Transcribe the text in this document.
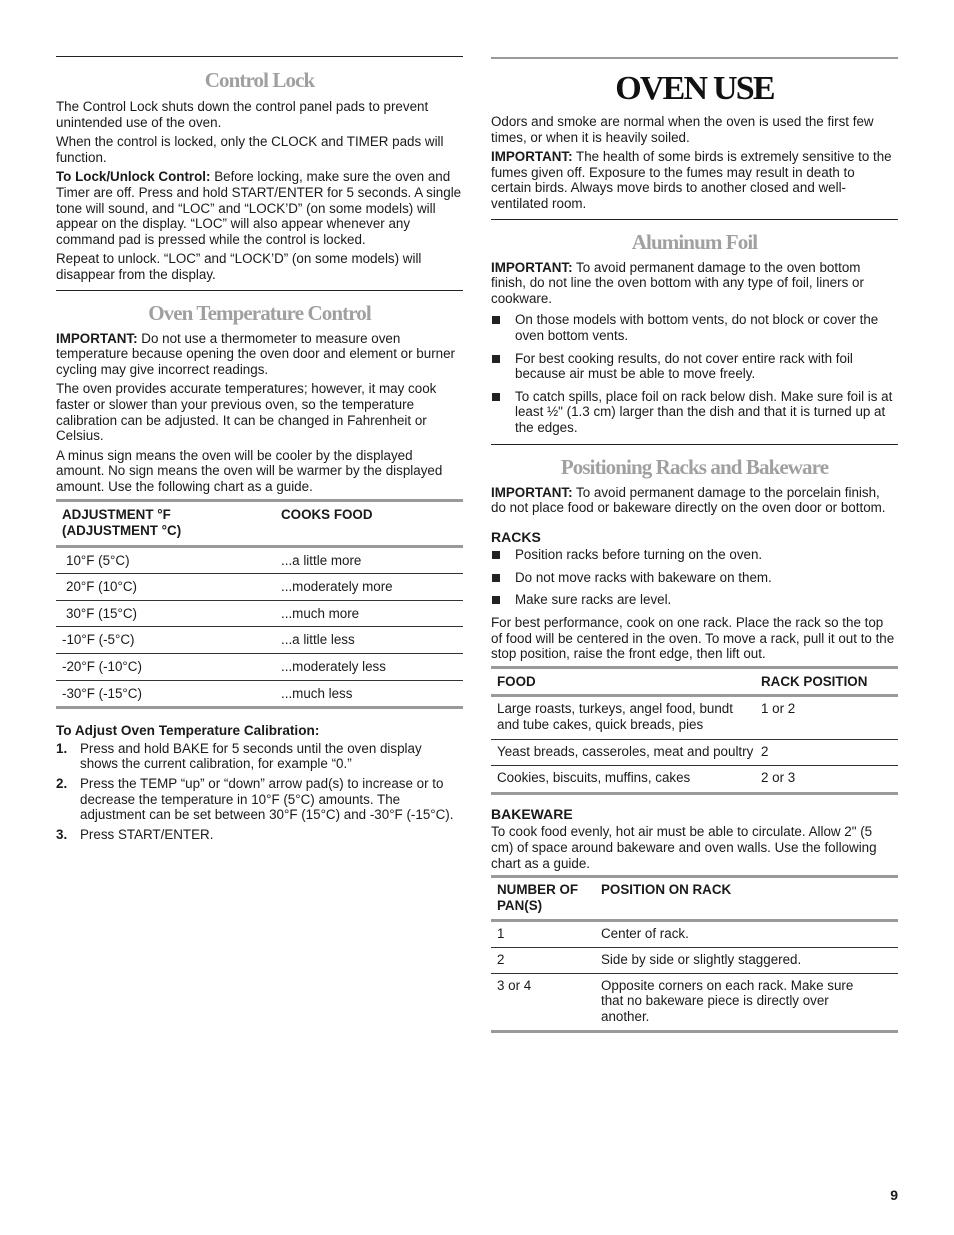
Control Lock

The Control Lock shuts down the control panel pads to prevent unintended use of the oven.

When the control is locked, only the CLOCK and TIMER pads will function.

To Lock/Unlock Control: Before locking, make sure the oven and Timer are off. Press and hold START/ENTER for 5 seconds. A single tone will sound, and “LOC” and “LOCK’D” (on some models) will appear on the display. “LOC” will also appear whenever any command pad is pressed while the control is locked.

Repeat to unlock. “LOC” and “LOCK’D” (on some models) will disappear from the display.

Oven Temperature Control

IMPORTANT: Do not use a thermometer to measure oven temperature because opening the oven door and element or burner cycling may give incorrect readings.

The oven provides accurate temperatures; however, it may cook faster or slower than your previous oven, so the temperature calibration can be adjusted. It can be changed in Fahrenheit or Celsius.

A minus sign means the oven will be cooler by the displayed amount. No sign means the oven will be warmer by the displayed amount. Use the following chart as a guide.

ADJUSTMENT °F
(ADJUSTMENT °C)	COOKS FOOD
10°F (5°C)	...a little more
20°F (10°C)	...moderately more
30°F (15°C)	...much more
-10°F (-5°C)	...a little less
-20°F (-10°C)	...moderately less
-30°F (-15°C)	...much less

To Adjust Oven Temperature Calibration:

1. Press and hold BAKE for 5 seconds until the oven display shows the current calibration, for example “0.”
2. Press the TEMP “up” or “down” arrow pad(s) to increase or to decrease the temperature in 10°F (5°C) amounts. The adjustment can be set between 30°F (15°C) and -30°F (-15°C).
3. Press START/ENTER.
OVEN USE

Odors and smoke are normal when the oven is used the first few times, or when it is heavily soiled.

IMPORTANT: The health of some birds is extremely sensitive to the fumes given off. Exposure to the fumes may result in death to certain birds. Always move birds to another closed and well-ventilated room.

Aluminum Foil

IMPORTANT: To avoid permanent damage to the oven bottom finish, do not line the oven bottom with any type of foil, liners or cookware.

On those models with bottom vents, do not block or cover the oven bottom vents.
For best cooking results, do not cover entire rack with foil because air must be able to move freely.
To catch spills, place foil on rack below dish. Make sure foil is at least ½" (1.3 cm) larger than the dish and that it is turned up at the edges.
Positioning Racks and Bakeware

IMPORTANT: To avoid permanent damage to the porcelain finish, do not place food or bakeware directly on the oven door or bottom.

RACKS

Position racks before turning on the oven.
Do not move racks with bakeware on them.
Make sure racks are level.

For best performance, cook on one rack. Place the rack so the top of food will be centered in the oven. To move a rack, pull it out to the stop position, raise the front edge, then lift out.

FOOD	RACK POSITION
Large roasts, turkeys, angel food, bundt and tube cakes, quick breads, pies	1 or 2
Yeast breads, casseroles, meat and poultry	2
Cookies, biscuits, muffins, cakes	2 or 3

BAKEWARE

To cook food evenly, hot air must be able to circulate. Allow 2" (5 cm) of space around bakeware and oven walls. Use the following chart as a guide.

NUMBER OF
PAN(S)	POSITION ON RACK
1	Center of rack.
2	Side by side or slightly staggered.
3 or 4	Opposite corners on each rack. Make sure that no bakeware piece is directly over another.
9
